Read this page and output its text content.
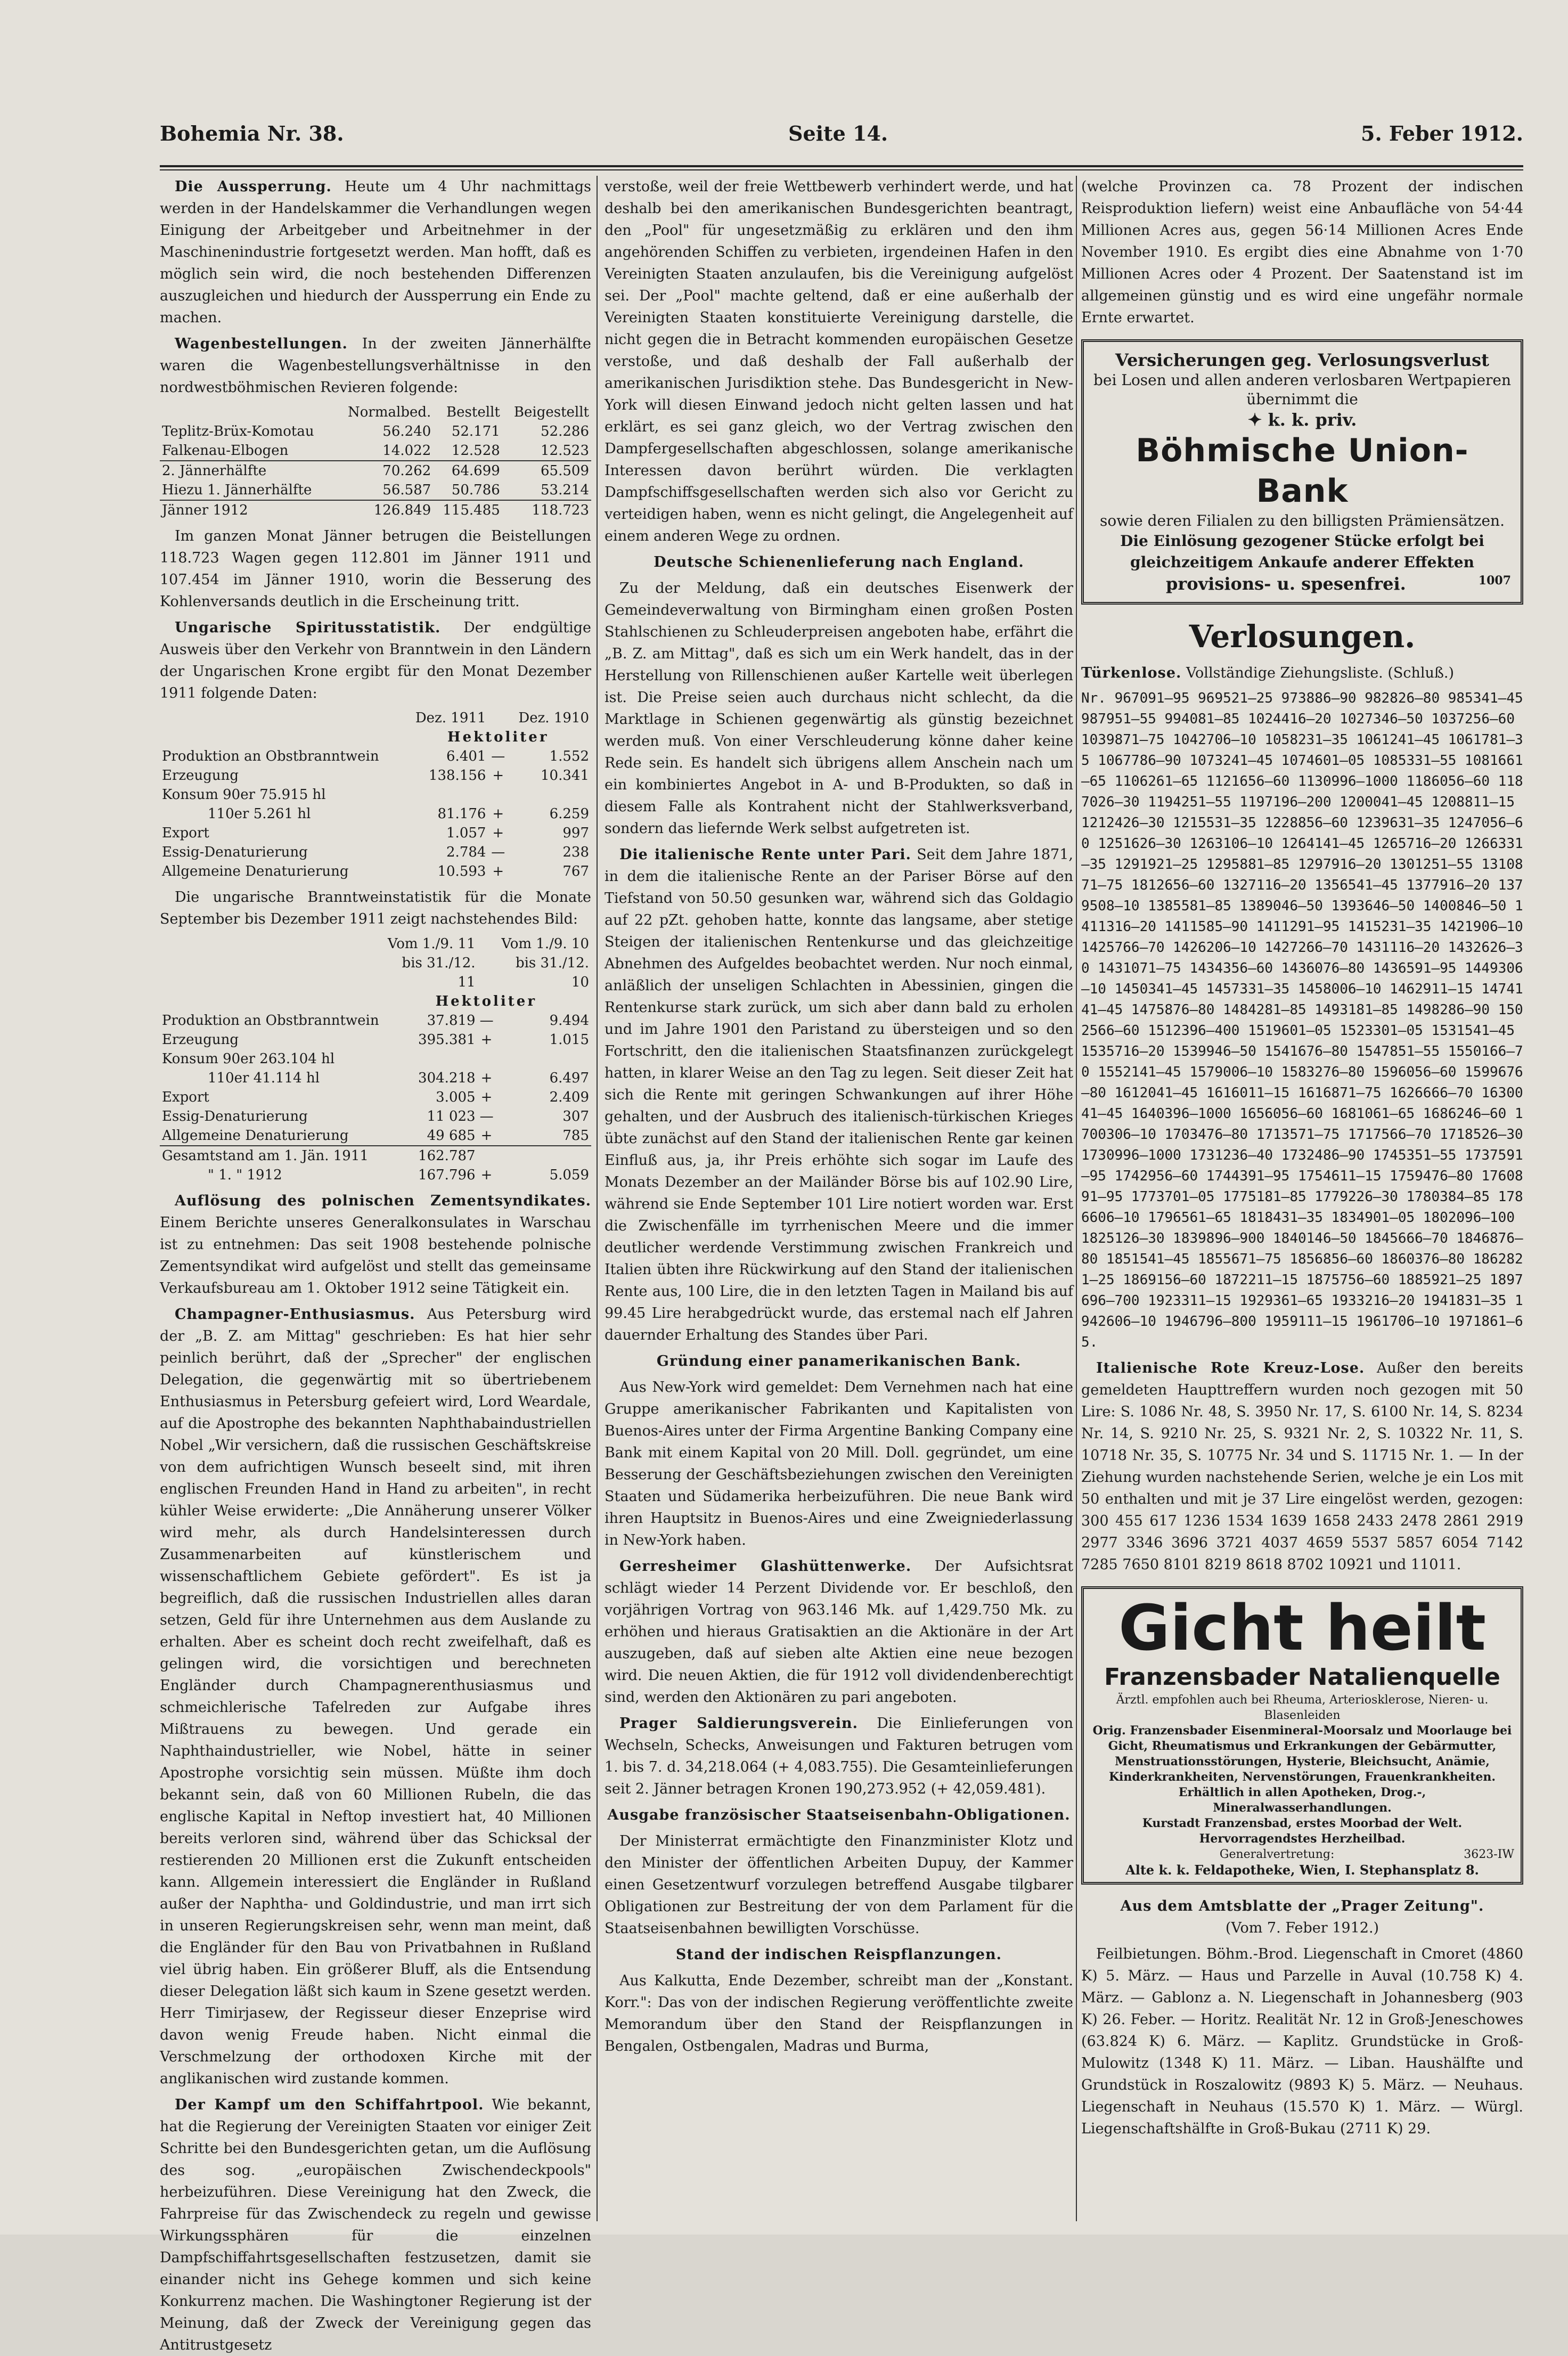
Bohemia Nr. 38.	Seite 14.	5. Feber 1912.

Die Aussperrung. Heute um 4 Uhr nachmittags werden in der Handelskammer die Verhandlungen wegen Einigung der Arbeitgeber und Arbeitnehmer in der Maschinenindustrie fortgesetzt werden. Man hofft, daß es möglich sein wird, die noch bestehenden Differenzen auszugleichen und hiedurch der Aussperrung ein Ende zu machen.

Wagenbestellungen. In der zweiten Jännerhälfte waren die Wagenbestellungsverhältnisse in den nordwestböhmischen Revieren folgende:

	Normalbed.	Bestellt	Beigestellt
Teplitz-Brüx-Komotau	56.240	52.171	52.286
Falkenau-Elbogen	14.022	12.528	12.523
2. Jännerhälfte	70.262	64.699	65.509
Hiezu 1. Jännerhälfte	56.587	50.786	53.214
Jänner 1912	126.849	115.485	118.723

Im ganzen Monat Jänner betrugen die Beistellungen 118.723 Wagen gegen 112.801 im Jänner 1911 und 107.454 im Jänner 1910, worin die Besserung des Kohlenversands deutlich in die Erscheinung tritt.

Ungarische Spiritusstatistik. Der endgültige Ausweis über den Verkehr von Branntwein in den Ländern der Ungarischen Krone ergibt für den Monat Dezember 1911 folgende Daten:

	Dez. 1911		Dez. 1910
	Hektoliter		
Produktion an Obstbranntwein	6.401	—	1.552
Erzeugung	138.156	+	10.341
Konsum 90er 75.915 hl			
110er 5.261 hl	81.176	+	6.259
Export	1.057	+	997
Essig-Denaturierung	2.784	—	238
Allgemeine Denaturierung	10.593	+	767

Die ungarische Branntweinstatistik für die Monate September bis Dezember 1911 zeigt nachstehendes Bild:

	Vom 1./9. 11 bis 31./12. 11		Vom 1./9. 10 bis 31./12. 10
	Hektoliter		
Produktion an Obstbranntwein	37.819	—	9.494
Erzeugung	395.381	+	1.015
Konsum 90er 263.104 hl			
110er 41.114 hl	304.218	+	6.497
Export	3.005	+	2.409
Essig-Denaturierung	11 023	—	307
Allgemeine Denaturierung	49 685	+	785
Gesamtstand am 1. Jän. 1911	162.787		
" 1. " 1912	167.796	+	5.059

Auflösung des polnischen Zementsyndikates. Einem Berichte unseres Generalkonsulates in Warschau ist zu entnehmen: Das seit 1908 bestehende polnische Zementsyndikat wird aufgelöst und stellt das gemeinsame Verkaufsbureau am 1. Oktober 1912 seine Tätigkeit ein.

Champagner-Enthusiasmus. Aus Petersburg wird der „B. Z. am Mittag" geschrieben: Es hat hier sehr peinlich berührt, daß der „Sprecher" der englischen Delegation, die gegenwärtig mit so übertriebenem Enthusiasmus in Petersburg gefeiert wird, Lord Weardale, auf die Apostrophe des bekannten Naphthabaindustriellen Nobel „Wir versichern, daß die russischen Geschäftskreise von dem aufrichtigen Wunsch beseelt sind, mit ihren englischen Freunden Hand in Hand zu arbeiten", in recht kühler Weise erwiderte: „Die Annäherung unserer Völker wird mehr, als durch Handelsinteressen durch Zusammenarbeiten auf künstlerischem und wissenschaftlichem Gebiete gefördert". Es ist ja begreiflich, daß die russischen Industriellen alles daran setzen, Geld für ihre Unternehmen aus dem Auslande zu erhalten. Aber es scheint doch recht zweifelhaft, daß es gelingen wird, die vorsichtigen und berechneten Engländer durch Champagnerenthusiasmus und schmeichlerische Tafelreden zur Aufgabe ihres Mißtrauens zu bewegen. Und gerade ein Naphthaindustrieller, wie Nobel, hätte in seiner Apostrophe vorsichtig sein müssen. Müßte ihm doch bekannt sein, daß von 60 Millionen Rubeln, die das englische Kapital in Neftop investiert hat, 40 Millionen bereits verloren sind, während über das Schicksal der restierenden 20 Millionen erst die Zukunft entscheiden kann. Allgemein interessiert die Engländer in Rußland außer der Naphtha- und Goldindustrie, und man irrt sich in unseren Regierungskreisen sehr, wenn man meint, daß die Engländer für den Bau von Privatbahnen in Rußland viel übrig haben. Ein größerer Bluff, als die Entsendung dieser Delegation läßt sich kaum in Szene gesetzt werden. Herr Timirjasew, der Regisseur dieser Enzeprise wird davon wenig Freude haben. Nicht einmal die Verschmelzung der orthodoxen Kirche mit der anglikanischen wird zustande kommen.

Der Kampf um den Schiffahrtpool. Wie bekannt, hat die Regierung der Vereinigten Staaten vor einiger Zeit Schritte bei den Bundesgerichten getan, um die Auflösung des sog. „europäischen Zwischendeckpools" herbeizuführen. Diese Vereinigung hat den Zweck, die Fahrpreise für das Zwischendeck zu regeln und gewisse Wirkungssphären für die einzelnen Dampfschiffahrtsgesellschaften festzusetzen, damit sie einander nicht ins Gehege kommen und sich keine Konkurrenz machen. Die Washingtoner Regierung ist der Meinung, daß der Zweck der Vereinigung gegen das Antitrustgesetz

verstoße, weil der freie Wettbewerb verhindert werde, und hat deshalb bei den amerikanischen Bundesgerichten beantragt, den „Pool" für ungesetzmäßig zu erklären und den ihm angehörenden Schiffen zu verbieten, irgendeinen Hafen in den Vereinigten Staaten anzulaufen, bis die Vereinigung aufgelöst sei. Der „Pool" machte geltend, daß er eine außerhalb der Vereinigten Staaten konstituierte Vereinigung darstelle, die nicht gegen die in Betracht kommenden europäischen Gesetze verstoße, und daß deshalb der Fall außerhalb der amerikanischen Jurisdiktion stehe. Das Bundesgericht in New-York will diesen Einwand jedoch nicht gelten lassen und hat erklärt, es sei ganz gleich, wo der Vertrag zwischen den Dampfergesellschaften abgeschlossen, solange amerikanische Interessen davon berührt würden. Die verklagten Dampfschiffsgesellschaften werden sich also vor Gericht zu verteidigen haben, wenn es nicht gelingt, die Angelegenheit auf einem anderen Wege zu ordnen.

Deutsche Schienenlieferung nach England.

Zu der Meldung, daß ein deutsches Eisenwerk der Gemeindeverwaltung von Birmingham einen großen Posten Stahlschienen zu Schleuderpreisen angeboten habe, erfährt die „B. Z. am Mittag", daß es sich um ein Werk handelt, das in der Herstellung von Rillenschienen außer Kartelle weit überlegen ist. Die Preise seien auch durchaus nicht schlecht, da die Marktlage in Schienen gegenwärtig als günstig bezeichnet werden muß. Von einer Verschleuderung könne daher keine Rede sein. Es handelt sich übrigens allem Anschein nach um ein kombiniertes Angebot in A- und B-Produkten, so daß in diesem Falle als Kontrahent nicht der Stahlwerksverband, sondern das liefernde Werk selbst aufgetreten ist.

Die italienische Rente unter Pari. Seit dem Jahre 1871, in dem die italienische Rente an der Pariser Börse auf den Tiefstand von 50.50 gesunken war, während sich das Goldagio auf 22 pZt. gehoben hatte, konnte das langsame, aber stetige Steigen der italienischen Rentenkurse und das gleichzeitige Abnehmen des Aufgeldes beobachtet werden. Nur noch einmal, anläßlich der unseligen Schlachten in Abessinien, gingen die Rentenkurse stark zurück, um sich aber dann bald zu erholen und im Jahre 1901 den Paristand zu übersteigen und so den Fortschritt, den die italienischen Staatsfinanzen zurückgelegt hatten, in klarer Weise an den Tag zu legen. Seit dieser Zeit hat sich die Rente mit geringen Schwankungen auf ihrer Höhe gehalten, und der Ausbruch des italienisch-türkischen Krieges übte zunächst auf den Stand der italienischen Rente gar keinen Einfluß aus, ja, ihr Preis erhöhte sich sogar im Laufe des Monats Dezember an der Mailänder Börse bis auf 102.90 Lire, während sie Ende September 101 Lire notiert worden war. Erst die Zwischenfälle im tyrrhenischen Meere und die immer deutlicher werdende Verstimmung zwischen Frankreich und Italien übten ihre Rückwirkung auf den Stand der italienischen Rente aus, 100 Lire, die in den letzten Tagen in Mailand bis auf 99.45 Lire herabgedrückt wurde, das erstemal nach elf Jahren dauernder Erhaltung des Standes über Pari.

Gründung einer panamerikanischen Bank.

Aus New-York wird gemeldet: Dem Vernehmen nach hat eine Gruppe amerikanischer Fabrikanten und Kapitalisten von Buenos-Aires unter der Firma Argentine Banking Company eine Bank mit einem Kapital von 20 Mill. Doll. gegründet, um eine Besserung der Geschäftsbeziehungen zwischen den Vereinigten Staaten und Südamerika herbeizuführen. Die neue Bank wird ihren Hauptsitz in Buenos-Aires und eine Zweigniederlassung in New-York haben.

Gerresheimer Glashüttenwerke. Der Aufsichtsrat schlägt wieder 14 Perzent Dividende vor. Er beschloß, den vorjährigen Vortrag von 963.146 Mk. auf 1,429.750 Mk. zu erhöhen und hieraus Gratisaktien an die Aktionäre in der Art auszugeben, daß auf sieben alte Aktien eine neue bezogen wird. Die neuen Aktien, die für 1912 voll dividendenberechtigt sind, werden den Aktionären zu pari angeboten.

Prager Saldierungsverein. Die Einlieferungen von Wechseln, Schecks, Anweisungen und Fakturen betrugen vom 1. bis 7. d. 34,218.064 (+ 4,083.755). Die Gesamteinlieferungen seit 2. Jänner betragen Kronen 190,273.952 (+ 42,059.481).

Ausgabe französischer Staatseisenbahn-Obligationen.

Der Ministerrat ermächtigte den Finanzminister Klotz und den Minister der öffentlichen Arbeiten Dupuy, der Kammer einen Gesetzentwurf vorzulegen betreffend Ausgabe tilgbarer Obligationen zur Bestreitung der von dem Parlament für die Staatseisenbahnen bewilligten Vorschüsse.

Stand der indischen Reispflanzungen.

Aus Kalkutta, Ende Dezember, schreibt man der „Konstant. Korr.": Das von der indischen Regierung veröffentlichte zweite Memorandum über den Stand der Reispflanzungen in Bengalen, Ostbengalen, Madras und Burma,

(welche Provinzen ca. 78 Prozent der indischen Reisproduktion liefern) weist eine Anbaufläche von 54·44 Millionen Acres aus, gegen 56·14 Millionen Acres Ende November 1910. Es ergibt dies eine Abnahme von 1·70 Millionen Acres oder 4 Prozent. Der Saatenstand ist im allgemeinen günstig und es wird eine ungefähr normale Ernte erwartet.

Versicherungen geg. Verlosungsverlust
bei Losen und allen anderen verlosbaren Wertpapieren übernimmt die
✦ k. k. priv.
Böhmische Union-Bank
sowie deren Filialen zu den billigsten Prämiensätzen.
Die Einlösung gezogener Stücke erfolgt bei gleichzeitigem Ankaufe anderer Effekten
provisions- u. spesenfrei.	1007
Verlosungen.

Türkenlose. Vollständige Ziehungsliste. (Schluß.)

Nr. 967091—95 969521—25 973886—90 982826—80 985341—45 987951—55 994081—85 1024416—20 1027346—50 1037256—60 1039871—75 1042706—10 1058231—35 1061241—45 1061781—35 1067786—90 1073241—45 1074601—05 1085331—55 1081661—65 1106261—65 1121656—60 1130996—1000 1186056—60 1187026—30 1194251—55 1197196—200 1200041—45 1208811—15 1212426—30 1215531—35 1228856—60 1239631—35 1247056—60 1251626—30 1263106—10 1264141—45 1265716—20 1266331—35 1291921—25 1295881—85 1297916—20 1301251—55 1310871—75 1812656—60 1327116—20 1356541—45 1377916—20 1379508—10 1385581—85 1389046—50 1393646—50 1400846—50 1411316—20 1411585—90 1411291—95 1415231—35 1421906—10 1425766—70 1426206—10 1427266—70 1431116—20 1432626—30 1431071—75 1434356—60 1436076—80 1436591—95 1449306—10 1450341—45 1457331—35 1458006—10 1462911—15 1474141—45 1475876—80 1484281—85 1493181—85 1498286—90 1502566—60 1512396—400 1519601—05 1523301—05 1531541—45 1535716—20 1539946—50 1541676—80 1547851—55 1550166—70 1552141—45 1579006—10 1583276—80 1596056—60 1599676—80 1612041—45 1616011—15 1616871—75 1626666—70 1630041—45 1640396—1000 1656056—60 1681061—65 1686246—60 1700306—10 1703476—80 1713571—75 1717566—70 1718526—30 1730996—1000 1731236—40 1732486—90 1745351—55 1737591—95 1742956—60 1744391—95 1754611—15 1759476—80 1760891—95 1773701—05 1775181—85 1779226—30 1780384—85 1786606—10 1796561—65 1818431—35 1834901—05 1802096—100 1825126—30 1839896—900 1840146—50 1845666—70 1846876—80 1851541—45 1855671—75 1856856—60 1860376—80 1862821—25 1869156—60 1872211—15 1875756—60 1885921—25 1897696—700 1923311—15 1929361—65 1933216—20 1941831—35 1942606—10 1946796—800 1959111—15 1961706—10 1971861—65.

Italienische Rote Kreuz-Lose. Außer den bereits gemeldeten Haupttreffern wurden noch gezogen mit 50 Lire: S. 1086 Nr. 48, S. 3950 Nr. 17, S. 6100 Nr. 14, S. 8234 Nr. 14, S. 9210 Nr. 25, S. 9321 Nr. 2, S. 10322 Nr. 11, S. 10718 Nr. 35, S. 10775 Nr. 34 und S. 11715 Nr. 1. — In der Ziehung wurden nachstehende Serien, welche je ein Los mit 50 enthalten und mit je 37 Lire eingelöst werden, gezogen: 300 455 617 1236 1534 1639 1658 2433 2478 2861 2919 2977 3346 3696 3721 4037 4659 5537 5857 6054 7142 7285 7650 8101 8219 8618 8702 10921 und 11011.

Gicht heilt
Franzensbader Natalienquelle
Ärztl. empfohlen auch bei Rheuma, Arteriosklerose, Nieren- u. Blasenleiden
Orig. Franzensbader Eisenmineral-Moorsalz und Moorlauge bei Gicht, Rheumatismus und Erkrankungen der Gebärmutter, Menstruationsstörungen, Hysterie, Bleichsucht, Anämie, Kinderkrankheiten, Nervenstörungen, Frauenkrankheiten.
Erhältlich in allen Apotheken, Drog.-, Mineralwasserhandlungen.
Kurstadt Franzensbad, erstes Moorbad der Welt. Hervorragendstes Herzheilbad.
Generalvertretung:	3623-IW
Alte k. k. Feldapotheke, Wien, I. Stephansplatz 8.

Aus dem Amtsblatte der „Prager Zeitung".

(Vom 7. Feber 1912.)

Feilbietungen. Böhm.-Brod. Liegenschaft in Cmoret (4860 K) 5. März. — Haus und Parzelle in Auval (10.758 K) 4. März. — Gablonz a. N. Liegenschaft in Johannesberg (903 K) 26. Feber. — Horitz. Realität Nr. 12 in Groß-Jeneschowes (63.824 K) 6. März. — Kaplitz. Grundstücke in Groß-Mulowitz (1348 K) 11. März. — Liban. Haushälfte und Grundstück in Roszalowitz (9893 K) 5. März. — Neuhaus. Liegenschaft in Neuhaus (15.570 K) 1. März. — Würgl. Liegenschaftshälfte in Groß-Bukau (2711 K) 29.
